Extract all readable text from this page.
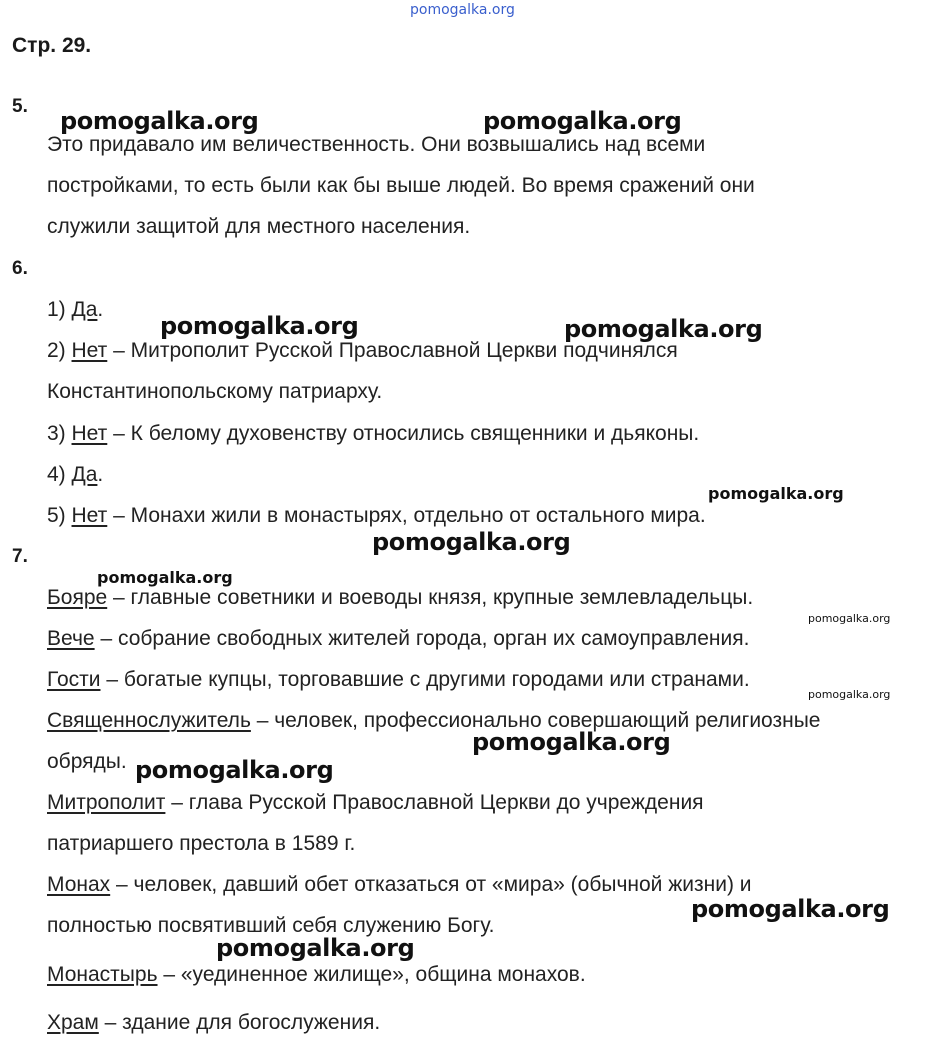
pomogalka.org
Стр. 29.
5.
Это придавало им величественность. Они возвышались над всеми
постройками, то есть были как бы выше людей. Во время сражений они
служили защитой для местного населения.
6.
1) Да.
2) Нет – Митрополит Русской Православной Церкви подчинялся
Константинопольскому патриарху.
3) Нет – К белому духовенству относились священники и дьяконы.
4) Да.
5) Нет – Монахи жили в монастырях, отдельно от остального мира.
7.
Бояре – главные советники и воеводы князя, крупные землевладельцы.
Вече – собрание свободных жителей города, орган их самоуправления.
Гости – богатые купцы, торговавшие с другими городами или странами.
Священнослужитель – человек, профессионально совершающий религиозные
обряды.
Митрополит – глава Русской Православной Церкви до учреждения
патриаршего престола в 1589 г.
Монах – человек, давший обет отказаться от «мира» (обычной жизни) и
полностью посвятивший себя служению Богу.
Монастырь – «уединенное жилище», община монахов.
Храм – здание для богослужения.
pomogalka.org	pomogalka.org
pomogalka.org	pomogalka.org
pomogalka.org
pomogalka.org
pomogalka.org
pomogalka.org
pomogalka.org
pomogalka.org
pomogalka.org
pomogalka.org
pomogalka.org
